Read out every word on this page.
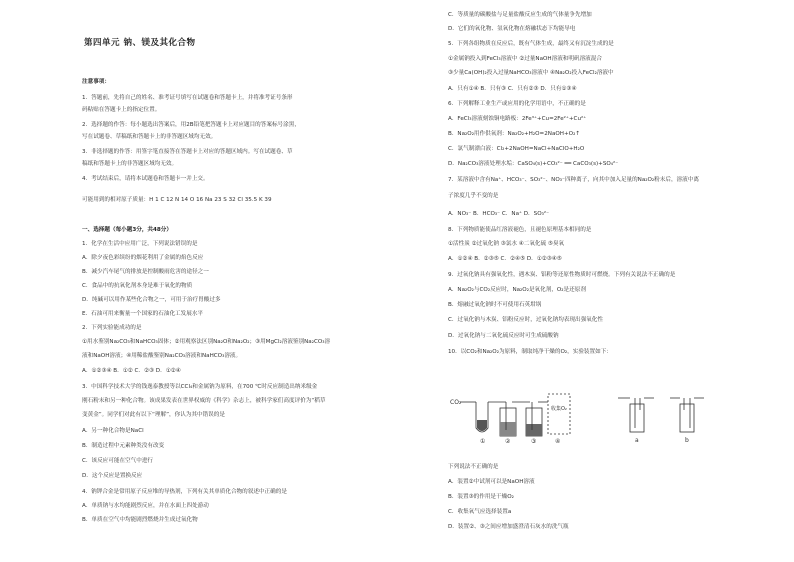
第四单元 钠、镁及其化合物
注意事项：
1．答题前，先将自己的姓名、准考证号填写在试题卷和答题卡上，并将准考证号条形
码粘贴在答题卡上的指定位置。
2．选择题的作答：每小题选出答案后，用2B铅笔把答题卡上对应题目的答案标号涂黑，
写在试题卷、草稿纸和答题卡上的非答题区域均无效。
3．非选择题的作答：用签字笔直接答在答题卡上对应的答题区域内。写在试题卷、草
稿纸和答题卡上的非答题区域均无效。
4．考试结束后，请将本试题卷和答题卡一并上交。
可能用到的相对原子质量：H 1 C 12 N 14 O 16 Na 23 S 32 Cl 35.5 K 39
一、选择题（每小题3分，共48分）
1．化学在生活中应用广泛，下列说法错误的是
A．除夕夜色彩缤纷的烟花利用了金属的焰色反应
B．减少汽车尾气的排放是控制酸雨危害的途径之一
C．食品中的抗氧化剂本身是难于氧化的物质
D．纯碱可以用作某些化合物之一，可用于治疗胃酸过多
E．石油可用来衡量一个国家的石油化工发展水平
2．下列实验能成功的是
①用水鉴别Na₂CO₃和NaHCO₃固体；②用观察法区别Na₂O和Na₂O₂；③用MgCl₂溶液鉴别Na₂CO₃溶
液和NaOH溶液；④用稀盐酸鉴别Na₂CO₃溶液和NaHCO₃溶液。
A．①②③④ B．①② C．②③ D．①②④
3．中国科学技术大学的钱逸泰教授等以CCl₄和金属钠为原料，在700 ℃时反应制造出纳米级金
刚石粉末和另一种化合物。该成果发表在世界权威的《科学》杂志上，被科学家们高度评价为“稻草
变黄金”。同学们对此有以下“理解”，你认为其中错误的是
A．另一种化合物是NaCl
B．制造过程中元素种类没有改变
C．该反应可能在空气中进行
D．这个反应是置换反应
4．钠钾合金是常用原子反应堆的导热剂，下列有关其单质化合物的叙述中正确的是
A．单质钠与水均能剧烈反应，并在水面上四处游动
B．单质在空气中均能剧烈燃烧并生成过氧化物
C．等质量的碳酸盐与足量盐酸反应生成的气体量争先增加
D．它们的氧化物、氢氧化物在熔融状态下均能导电
5．下列各组物质在反应后，既有气体生成，最终又有沉淀生成的是
①金属钠投入到FeCl₃溶液中 ②过量NaOH溶液和明矾溶液混合
③少量Ca(OH)₂投入过量NaHCO₃溶液中 ④Na₂O₂投入FeCl₂溶液中
A．只有①④ B．只有③ C．只有②③ D．只有①③④
6．下列解释工业生产或应用的化学用语中，不正确的是
A．FeCl₃溶液刻蚀铜电路板：2Fe³⁺+Cu=2Fe²⁺+Cu²⁺
B．Na₂O₂用作供氧剂：Na₂O₂+H₂O=2NaOH+O₂↑
C．氯气制漂白液：Cl₂+2NaOH=NaCl+NaClO+H₂O
D．Na₂CO₃溶液处理水垢：CaSO₄(s)+CO₃²⁻ ══ CaCO₃(s)+SO₄²⁻
7．某溶液中含有Na⁺、HCO₃⁻、SO₃²⁻、NO₃⁻四种离子，向其中加入足量的Na₂O₂粉末后，溶液中离
子浓度几乎不变的是
A．NO₃⁻ B．HCO₃⁻ C．Na⁺ D．SO₃²⁻
8．下列物质能使品红溶液褪色，且褪色原理基本相同的是
①活性炭 ②过氧化钠 ③氯水 ④二氧化硫 ⑤臭氧
A．①②④ B．②③⑤ C．②④⑤ D．①②③④⑤
9．过氧化钠具有强氧化性，遇木炭、铝粉等还原性物质时可燃烧。下列有关说法不正确的是
A．Na₂O₂与CO₂反应时，Na₂O₂是氧化剂，O₂是还原剂
B．熔融过氧化钠时不可使用石英坩埚
C．过氧化钠与木炭、铝粉反应时，过氧化钠均表现出强氧化性
D．过氧化钠与二氧化硫反应时可生成硫酸钠
10．以CO₂和Na₂O₂为原料，制取纯净干燥的O₂，实验装置如下：
下列说法不正确的是
A．装置②中试剂可以是NaOH溶液
B．装置③的作用是干燥O₂
C．收集氧气应选择装置a
D．装置②、③之间应增加盛澄清石灰水的洗气瓶
CO₂
①	②	③
收集O₂
④	a	b
